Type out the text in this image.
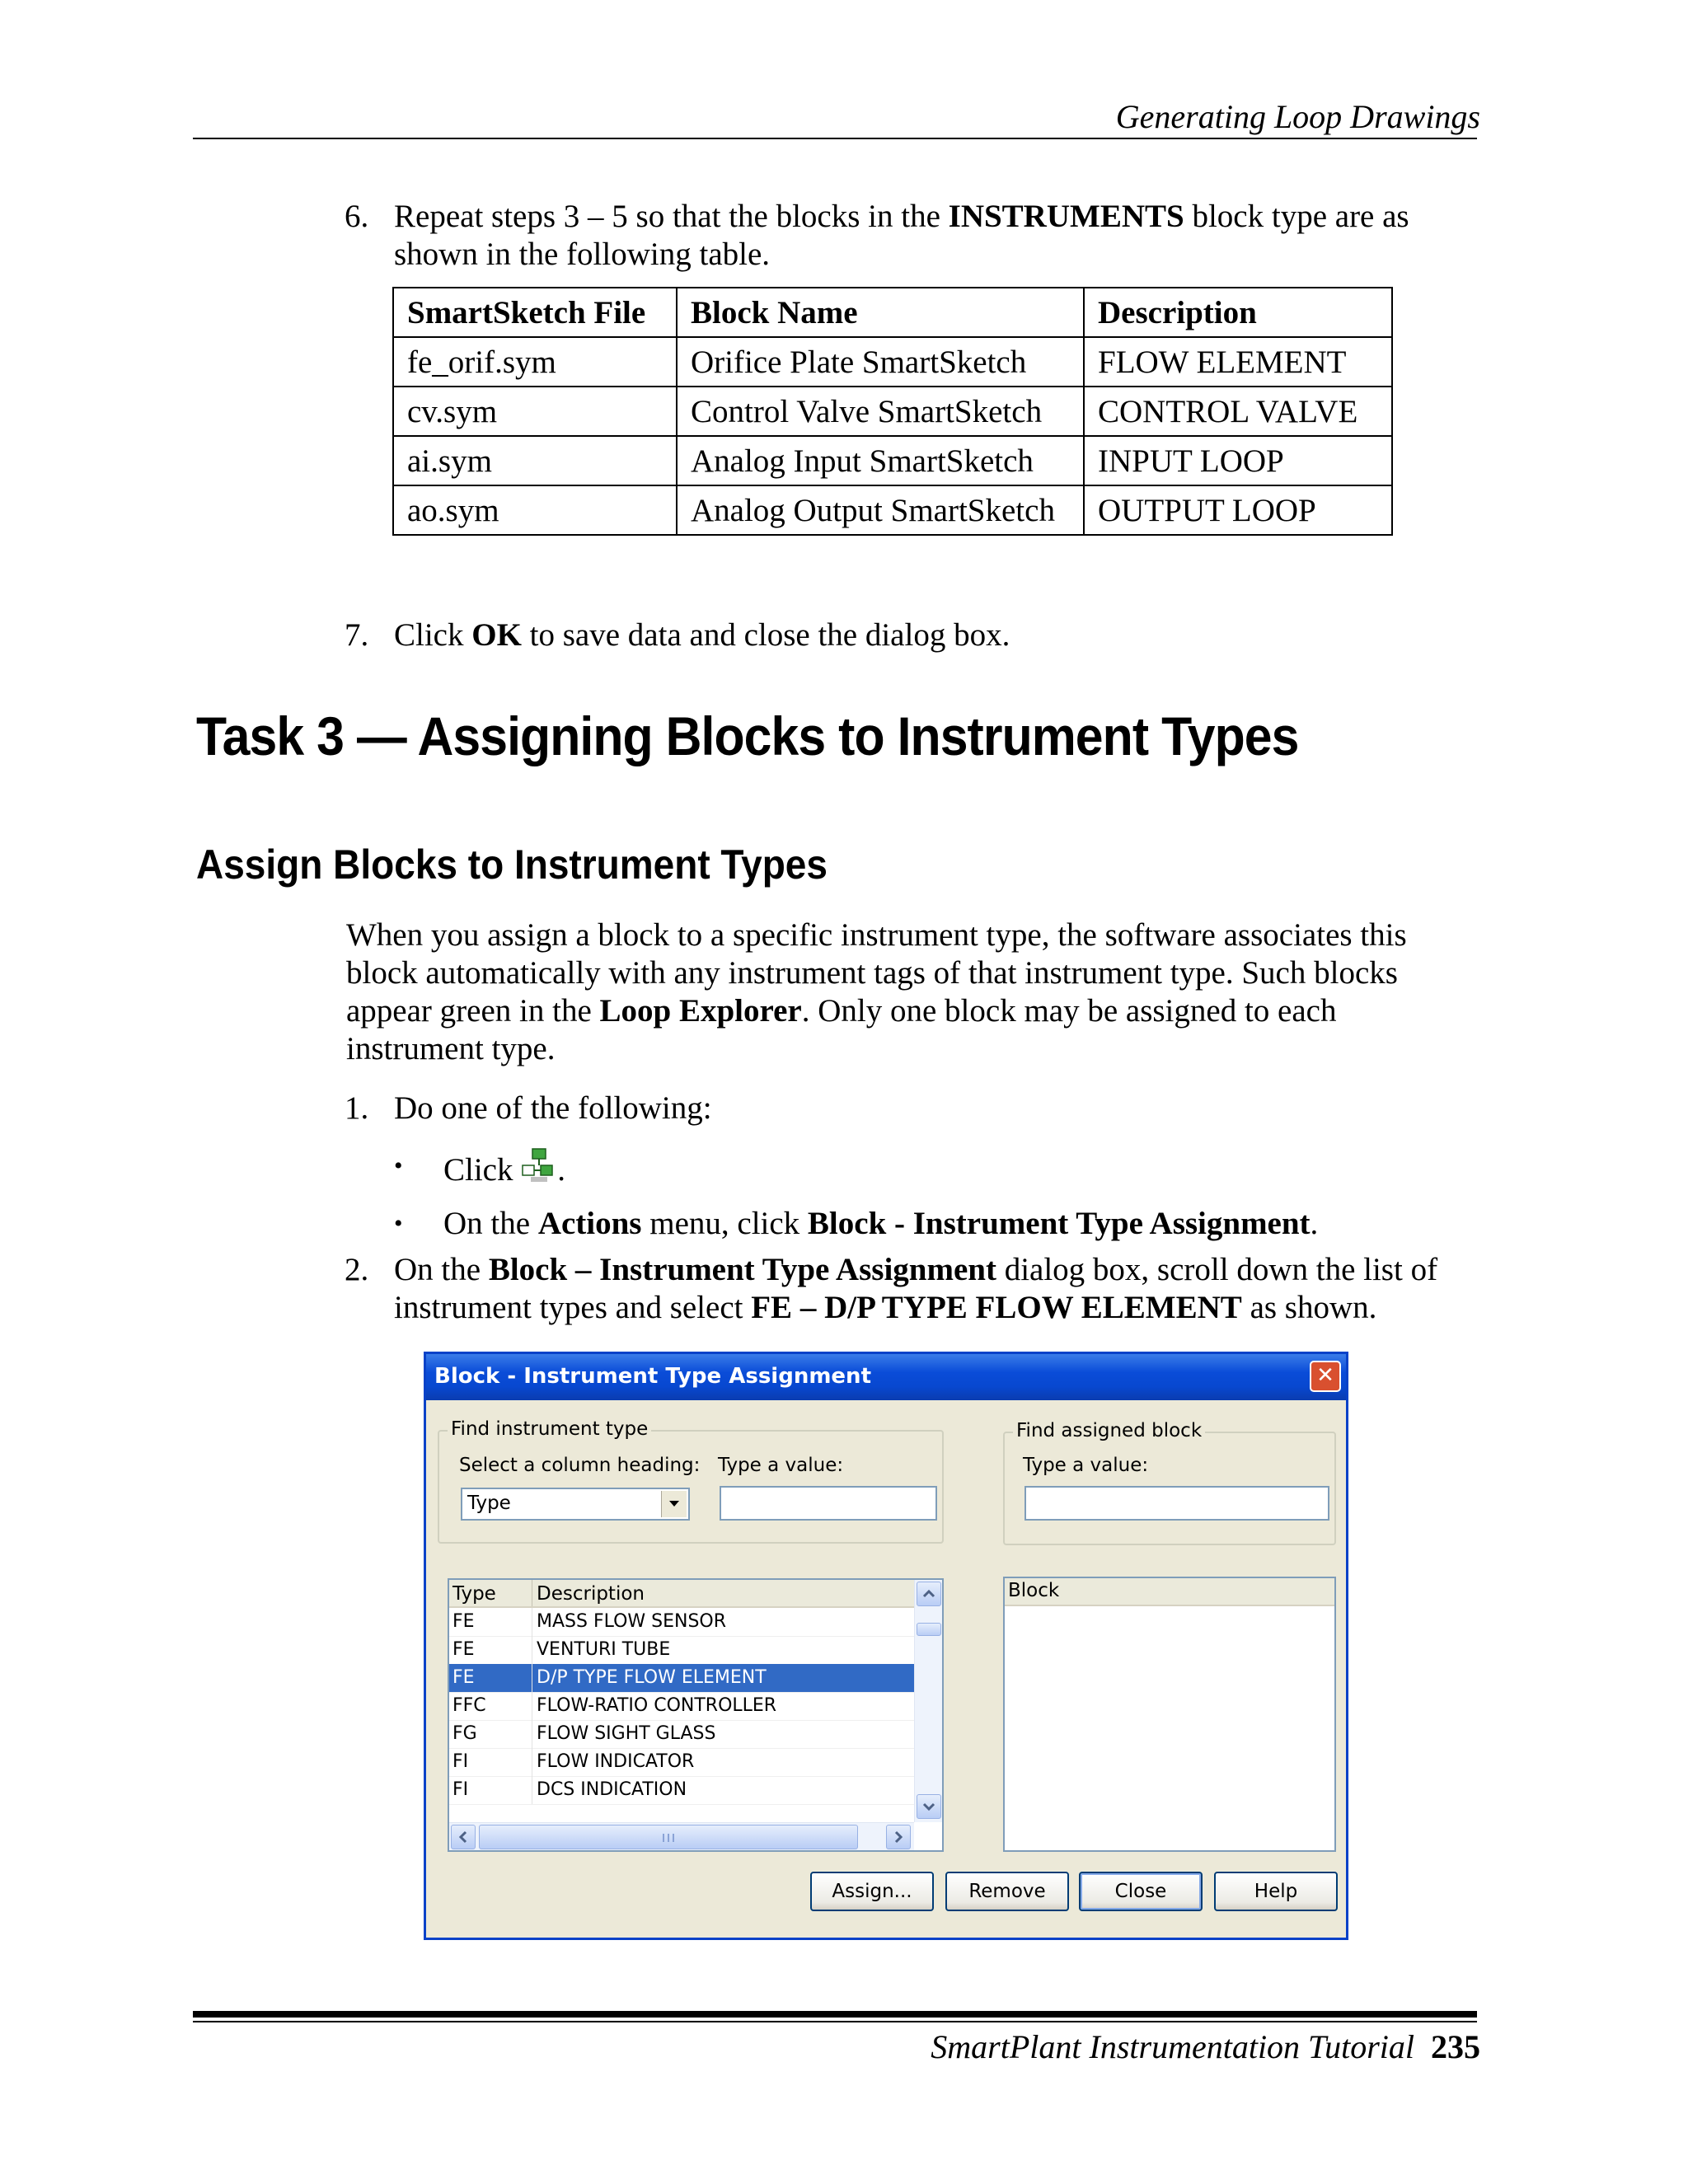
Generating Loop Drawings
6. Repeat steps 3 – 5 so that the blocks in the INSTRUMENTS block type are as
shown in the following table.
SmartSketch File	Block Name	Description
fe_orif.sym	Orifice Plate SmartSketch	FLOW ELEMENT
cv.sym	Control Valve SmartSketch	CONTROL VALVE
ai.sym	Analog Input SmartSketch	INPUT LOOP
ao.sym	Analog Output SmartSketch	OUTPUT LOOP
7. Click OK to save data and close the dialog box.
Task 3 — Assigning Blocks to Instrument Types
Assign Blocks to Instrument Types
When you assign a block to a specific instrument type, the software associates this
block automatically with any instrument tags of that instrument type. Such blocks
appear green in the Loop Explorer. Only one block may be assigned to each
instrument type.
1. Do one of the following:
• Click .
• On the Actions menu, click Block - Instrument Type Assignment.
2. On the Block – Instrument Type Assignment dialog box, scroll down the list of
instrument types and select FE – D/P TYPE FLOW ELEMENT as shown.
Block - Instrument Type Assignment	✕
Find instrument type
Select a column heading:
Type
Type a value:
Find assigned block
Type a value:
Type Description
FE	MASS FLOW SENSOR
FE	VENTURI TUBE
FE	D/P TYPE FLOW ELEMENT
FFC	FLOW-RATIO CONTROLLER
FG	FLOW SIGHT GLASS
FI	FLOW INDICATOR
FI	DCS INDICATION
Block
Assign...	Remove	Close	Help
SmartPlant Instrumentation Tutorial 235
